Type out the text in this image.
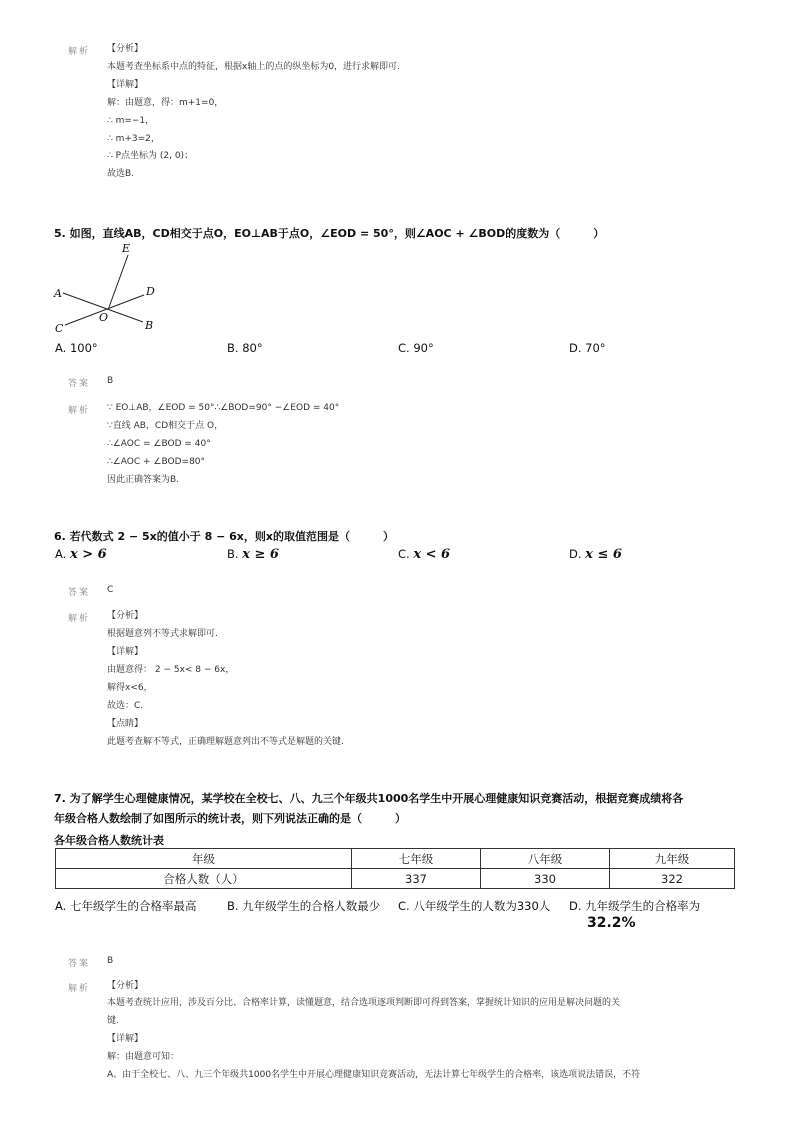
解析 【分析】
本题考查坐标系中点的特征，根据x轴上的点的纵坐标为0，进行求解即可.
【详解】
解：由题意，得：m+1=0，
∴ m=−1，
∴ m+3=2，
∴ P点坐标为 (2, 0)；
故选B.
5. 如图，直线AB，CD相交于点O，EO⊥AB于点O，∠EOD = 50°，则∠AOC + ∠BOD的度数为（　　　）
E
A	D
O
C	B
A. 100°	B. 80°	C. 90°	D. 70°
答案 B
解析 ∵ EO⊥AB，∠EOD = 50°∴∠BOD=90° −∠EOD = 40°
∵直线 AB，CD相交于点 O，
∴∠AOC = ∠BOD = 40°
∴∠AOC + ∠BOD=80°
因此正确答案为B.
6. 若代数式 2 − 5x的值小于 8 − 6x，则x的取值范围是（　　　）
A. x > 6	B. x ≥ 6	C. x < 6	D. x ≤ 6
答案 C
解析 【分析】
根据题意列不等式求解即可.
【详解】
由题意得： 2 − 5x< 8 − 6x，
解得x<6，
故选：C.
【点睛】
此题考查解不等式，正确理解题意列出不等式是解题的关键.
7. 为了解学生心理健康情况，某学校在全校七、八、九三个年级共1000名学生中开展心理健康知识竞赛活动，根据竞赛成绩将各
年级合格人数绘制了如图所示的统计表，则下列说法正确的是（　　　）
各年级合格人数统计表
年级	七年级	八年级	九年级
合格人数（人）	337	330	322
A. 七年级学生的合格率最高	B. 九年级学生的合格人数最少 C. 八年级学生的人数为330人 D. 九年级学生的合格率为
32.2%
答案 B
解析 【分析】
本题考查统计应用，涉及百分比、合格率计算，读懂题意，结合选项逐项判断即可得到答案，掌握统计知识的应用是解决问题的关
键.
【详解】
解：由题意可知：
A、由于全校七、八、九三个年级共1000名学生中开展心理健康知识竞赛活动，无法计算七年级学生的合格率，该选项说法错误，不符
